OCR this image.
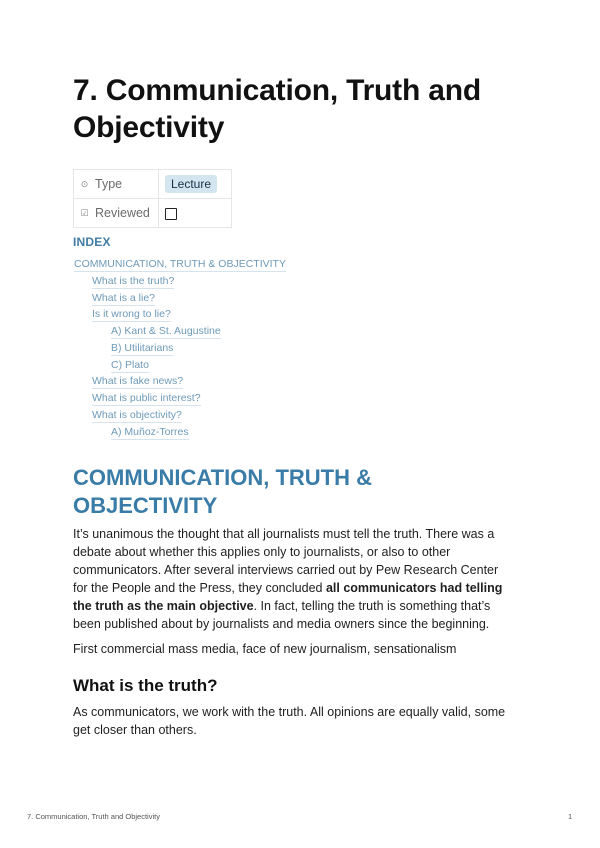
7. Communication, Truth and Objectivity
⊙ Type	Lecture
☑ Reviewed	
INDEX
COMMUNICATION, TRUTH & OBJECTIVITY
What is the truth?
What is a lie?
Is it wrong to lie?
A) Kant & St. Augustine
B) Utilitarians
C) Plato
What is fake news?
What is public interest?
What is objectivity?
A) Muñoz-Torres
COMMUNICATION, TRUTH &
OBJECTIVITY
It’s unanimous the thought that all journalists must tell the truth. There was a
debate about whether this applies only to journalists, or also to other
communicators. After several interviews carried out by Pew Research Center
for the People and the Press, they concluded all communicators had telling
the truth as the main objective. In fact, telling the truth is something that’s
been published about by journalists and media owners since the beginning.
First commercial mass media, face of new journalism, sensationalism
What is the truth?
As communicators, we work with the truth. All opinions are equally valid, some
get closer than others.
7. Communication, Truth and Objectivity	1
